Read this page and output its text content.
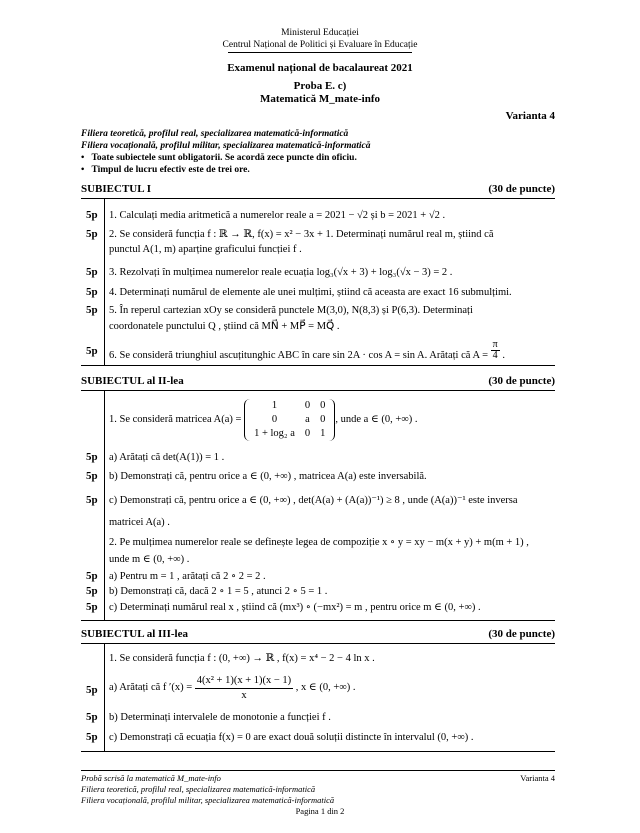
Ministerul Educației
Centrul Național de Politici și Evaluare în Educație
Examenul național de bacalaureat 2021
Proba E. c)
Matematică M_mate-info
Varianta 4
Filiera teoretică, profilul real, specializarea matematică-informatică
Filiera vocațională, profilul militar, specializarea matematică-informatică
•   Toate subiectele sunt obligatorii. Se acordă zece puncte din oficiu.
•   Timpul de lucru efectiv este de trei ore.
SUBIECTUL I	(30 de puncte)
5p 1. Calculați media aritmetică a numerelor reale a = 2021 − √2 și b = 2021 + √2 .
5p 2. Se consideră funcția f : ℝ → ℝ, f(x) = x² − 3x + 1. Determinați numărul real m, știind că
punctul A(1, m) aparține graficului funcției f .
5p 3. Rezolvați în mulțimea numerelor reale ecuația log₃(√x + 3) + log₃(√x − 3) = 2 .
5p 4. Determinați numărul de elemente ale unei mulțimi, știind că aceasta are exact 16 submulțimi.
5p 5. În reperul cartezian xOy se consideră punctele M(3,0), N(8,3) și P(6,3). Determinați
coordonatele punctului Q , știind că MN⃗ + MP⃗ = MQ⃗ .
5p 6. Se consideră triunghiul ascuțitunghic ABC în care sin 2A · cos A = sin A. Arătați că $A = \frac{\pi}{4}$ .
SUBIECTUL al II-lea	(30 de puncte)
1. Se consideră matricea A(a) =

1	0	0
0	a	0
1 + log₂ a	0	1
, unde a ∈ (0, +∞) .
5p a) Arătați că det(A(1)) = 1 .
5p b) Demonstrați că, pentru orice a ∈ (0, +∞) , matricea A(a) este inversabilă.
5p c) Demonstrați că, pentru orice a ∈ (0, +∞) , det(A(a) + (A(a))⁻¹) ≥ 8 , unde (A(a))⁻¹ este inversa
matricei A(a) .
2. Pe mulțimea numerelor reale se definește legea de compoziție x ∘ y = xy − m(x + y) + m(m + 1) ,
unde m ∈ (0, +∞) .
5p a) Pentru m = 1 , arătați că 2 ∘ 2 = 2 .
5p b) Demonstrați că, dacă 2 ∘ 1 = 5 , atunci 2 ∘ 5 = 1 .
5p c) Determinați numărul real x , știind că (mx³) ∘ (−mx²) = m , pentru orice m ∈ (0, +∞) .
SUBIECTUL al III-lea	(30 de puncte)
1. Se consideră funcția f : (0, +∞) → ℝ , f(x) = x⁴ − 2 − 4 ln x .
5p a) Arătați că f ′(x) =
$\frac{\text{4(x² + 1)(x + 1)(x − 1)}}{x}$
, x ∈ (0, +∞) .
5p b) Determinați intervalele de monotonie a funcției f .
5p c) Demonstrați că ecuația f(x) = 0 are exact două soluții distincte în intervalul (0, +∞) .
Probă scrisă la matematică M_mate-info	Varianta 4
Filiera teoretică, profilul real, specializarea matematică-informatică
Filiera vocațională, profilul militar, specializarea matematică-informatică
Pagina 1 din 2
